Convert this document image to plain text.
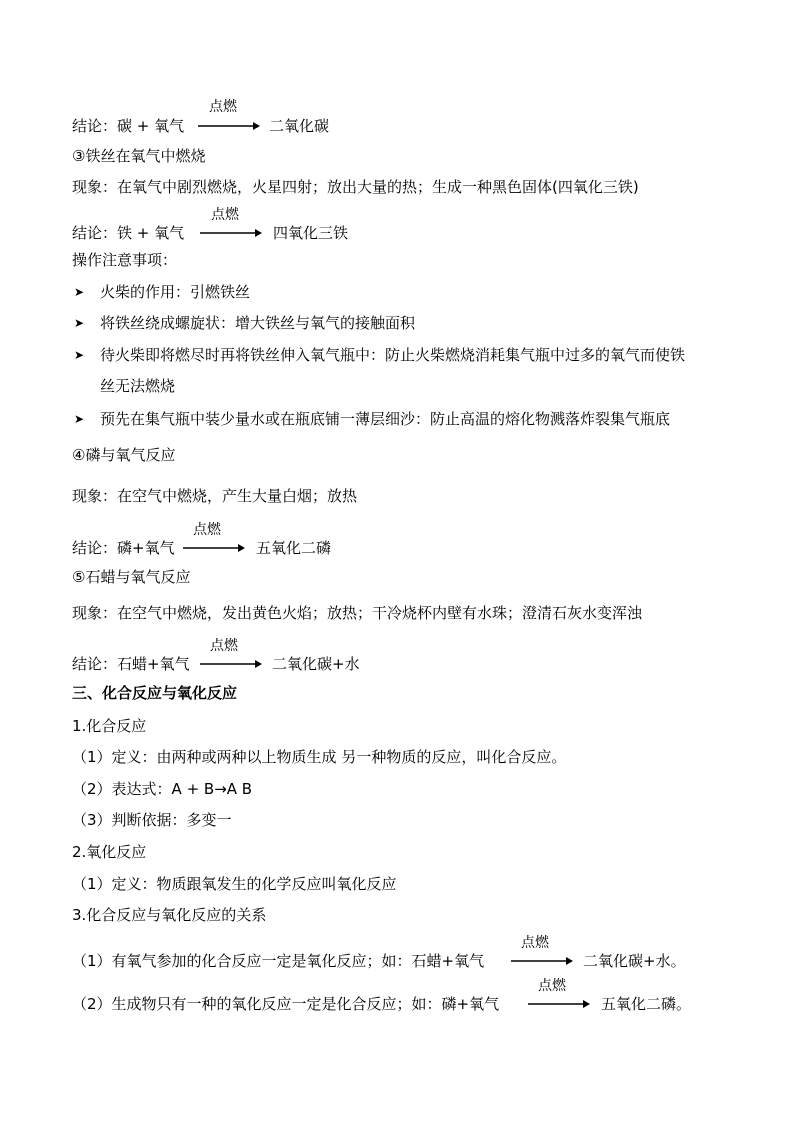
结论：碳 + 氧气
点燃
二氧化碳
③铁丝在氧气中燃烧
现象：在氧气中剧烈燃烧，火星四射；放出大量的热；生成一种黑色固体(四氧化三铁)
结论：铁 + 氧气
点燃
四氧化三铁
操作注意事项：
➤ 火柴的作用：引燃铁丝
➤ 将铁丝绕成螺旋状：增大铁丝与氧气的接触面积
➤ 待火柴即将燃尽时再将铁丝伸入氧气瓶中：防止火柴燃烧消耗集气瓶中过多的氧气而使铁
丝无法燃烧
➤ 预先在集气瓶中装少量水或在瓶底铺一薄层细沙：防止高温的熔化物溅落炸裂集气瓶底
④磷与氧气反应
现象：在空气中燃烧，产生大量白烟；放热
结论：磷+氧气
点燃
五氧化二磷
⑤石蜡与氧气反应
现象：在空气中燃烧，发出黄色火焰；放热；干冷烧杯内壁有水珠；澄清石灰水变浑浊
结论：石蜡+氧气
点燃
二氧化碳+水
三、化合反应与氧化反应
1.化合反应
（1）定义：由两种或两种以上物质生成 另一种物质的反应，叫化合反应。
（2）表达式：A + B→A B
（3）判断依据：多变一
2.氧化反应
（1）定义：物质跟氧发生的化学反应叫氧化反应
3.化合反应与氧化反应的关系
（1）有氧气参加的化合反应一定是氧化反应；如：石蜡+氧气
点燃
二氧化碳+水。
（2）生成物只有一种的氧化反应一定是化合反应；如：磷+氧气
点燃
五氧化二磷。
